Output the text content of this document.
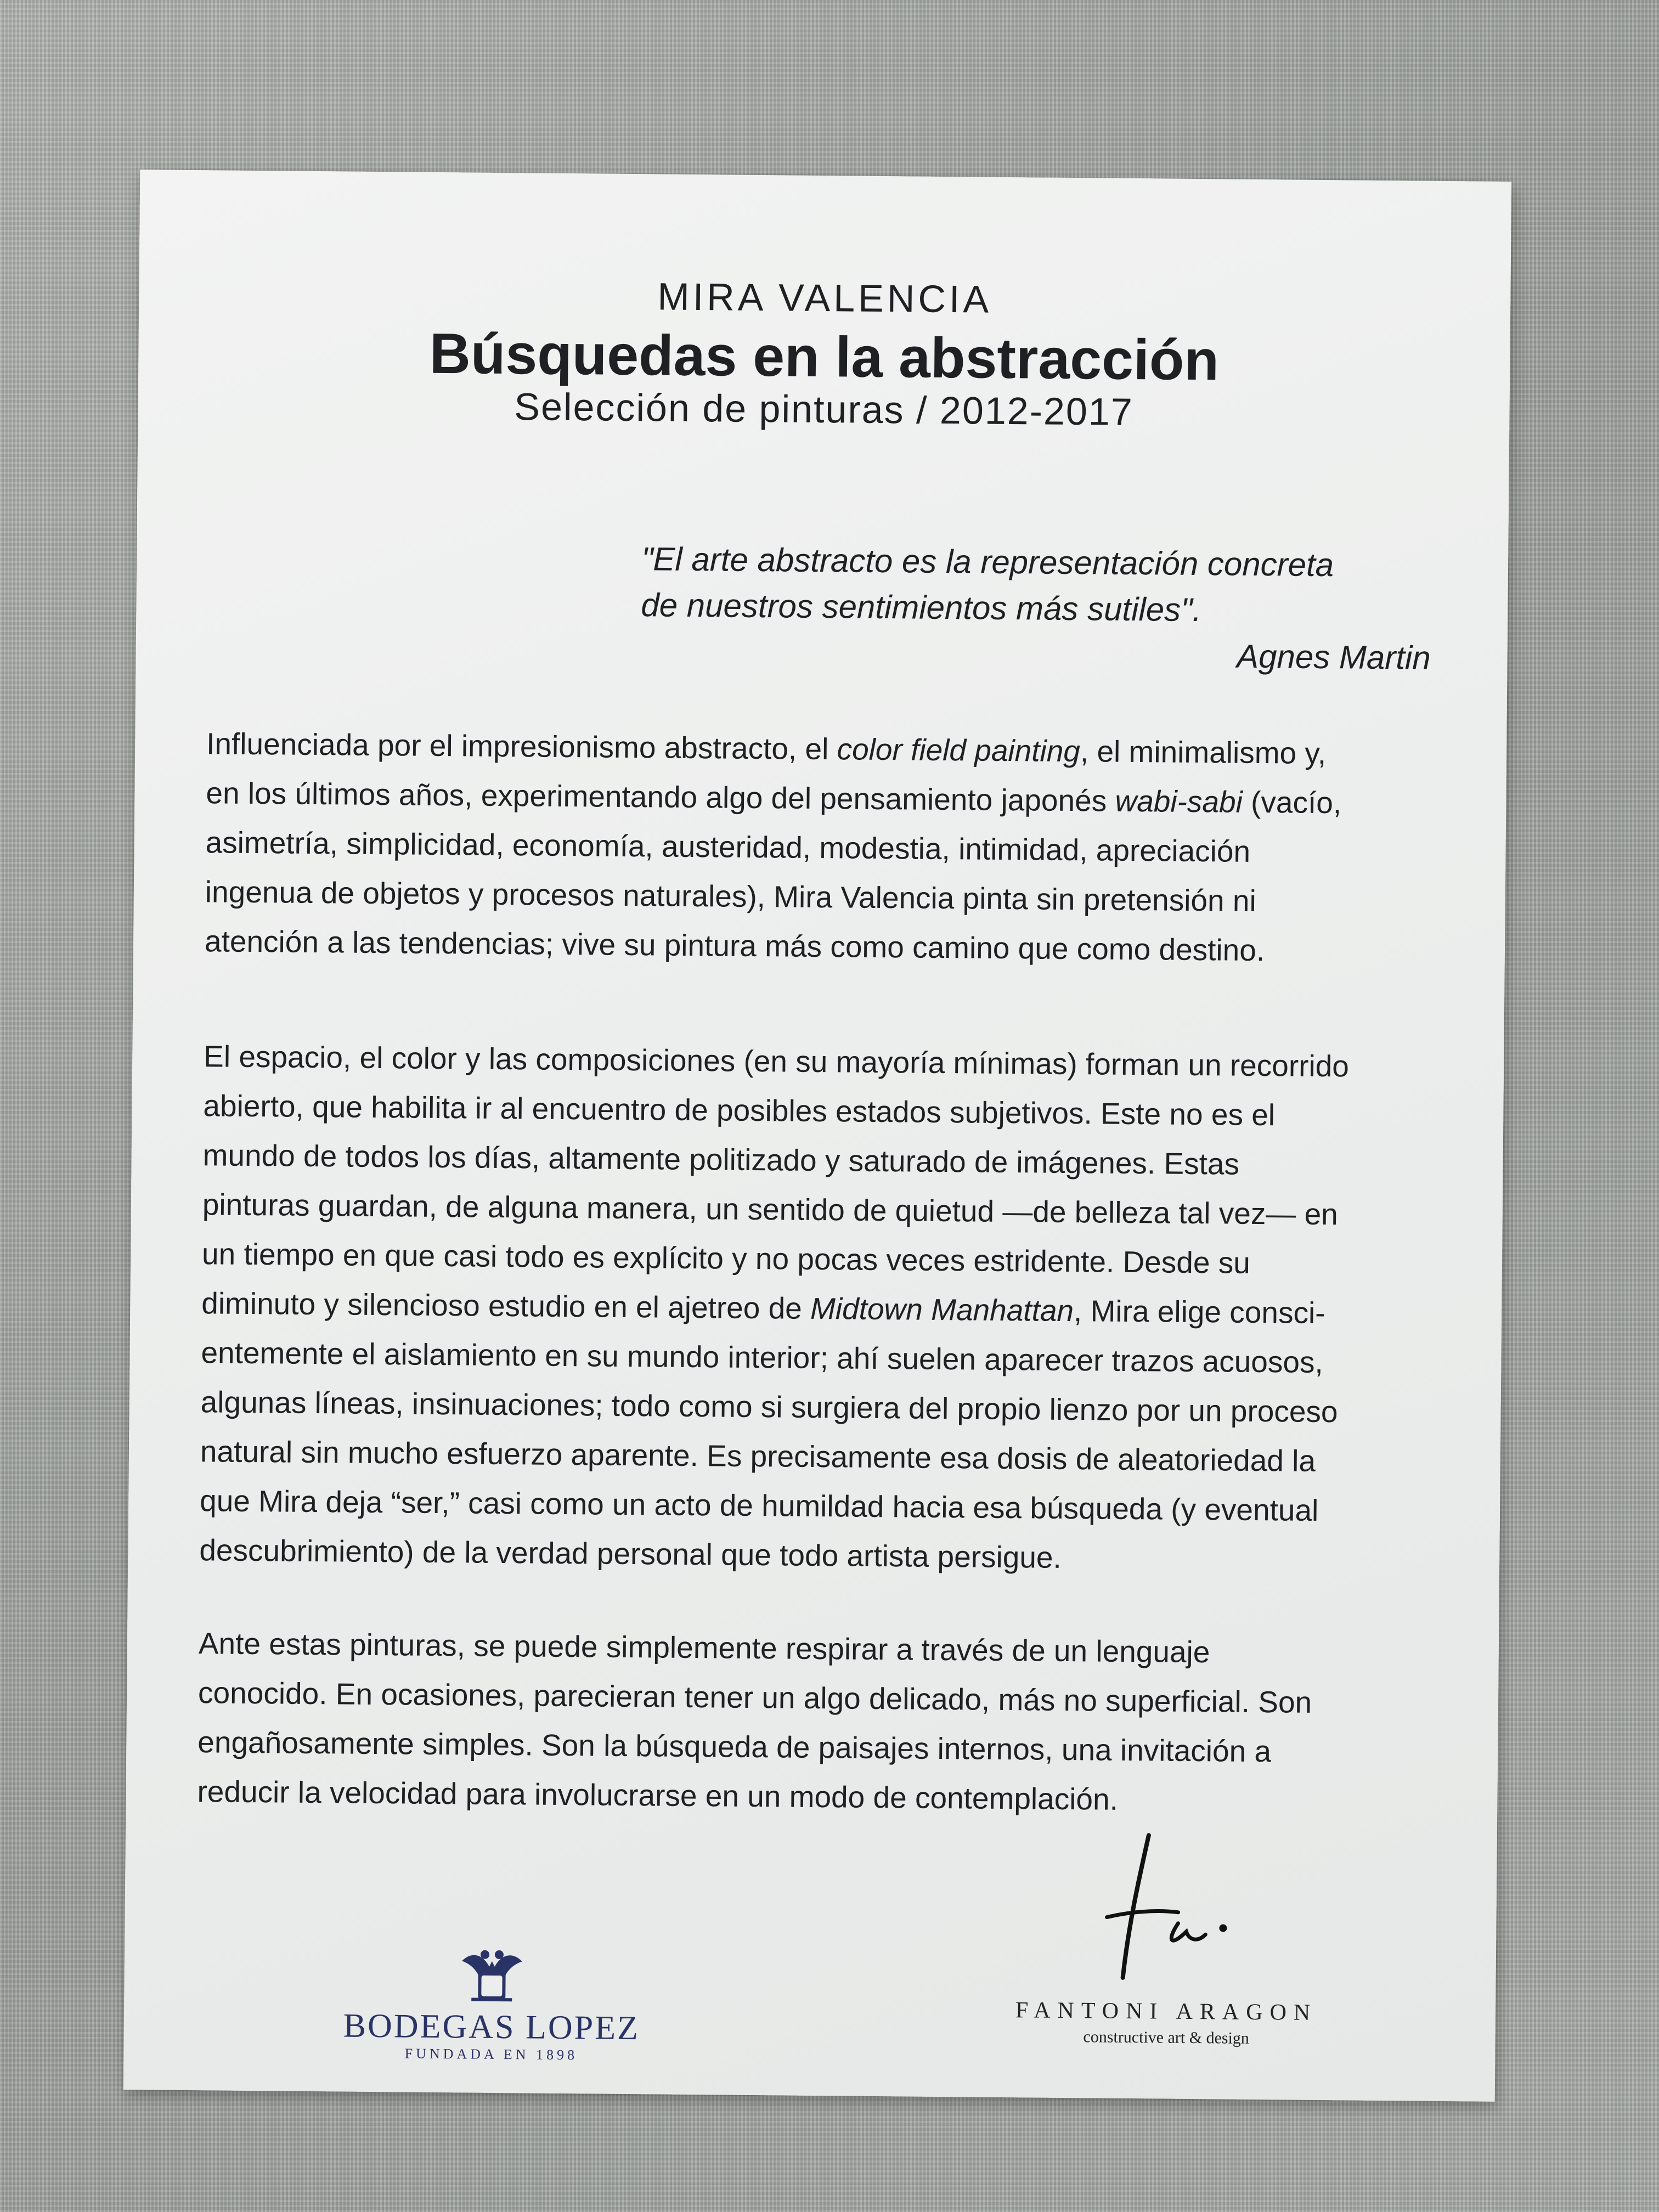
MIRA VALENCIA
Búsquedas en la abstracción
Selección de pinturas / 2012-2017
"El arte abstracto es la representación concreta
de nuestros sentimientos más sutiles".
Agnes Martin
Influenciada por el impresionismo abstracto, el color field painting, el minimalismo y,
en los últimos años, experimentando algo del pensamiento japonés wabi-sabi (vacío,
asimetría, simplicidad, economía, austeridad, modestia, intimidad, apreciación
ingenua de objetos y procesos naturales), Mira Valencia pinta sin pretensión ni
atención a las tendencias; vive su pintura más como camino que como destino.
El espacio, el color y las composiciones (en su mayoría mínimas) forman un recorrido
abierto, que habilita ir al encuentro de posibles estados subjetivos. Este no es el
mundo de todos los días, altamente politizado y saturado de imágenes. Estas
pinturas guardan, de alguna manera, un sentido de quietud —de belleza tal vez— en
un tiempo en que casi todo es explícito y no pocas veces estridente. Desde su
diminuto y silencioso estudio en el ajetreo de Midtown Manhattan, Mira elige consci-
entemente el aislamiento en su mundo interior; ahí suelen aparecer trazos acuosos,
algunas líneas, insinuaciones; todo como si surgiera del propio lienzo por un proceso
natural sin mucho esfuerzo aparente. Es precisamente esa dosis de aleatoriedad la
que Mira deja “ser,” casi como un acto de humildad hacia esa búsqueda (y eventual
descubrimiento) de la verdad personal que todo artista persigue.
Ante estas pinturas, se puede simplemente respirar a través de un lenguaje
conocido. En ocasiones, parecieran tener un algo delicado, más no superficial. Son
engañosamente simples. Son la búsqueda de paisajes internos, una invitación a
reducir la velocidad para involucrarse en un modo de contemplación.
BODEGAS LOPEZ
FUNDADA EN 1898
FANTONI ARAGON
constructive art & design
